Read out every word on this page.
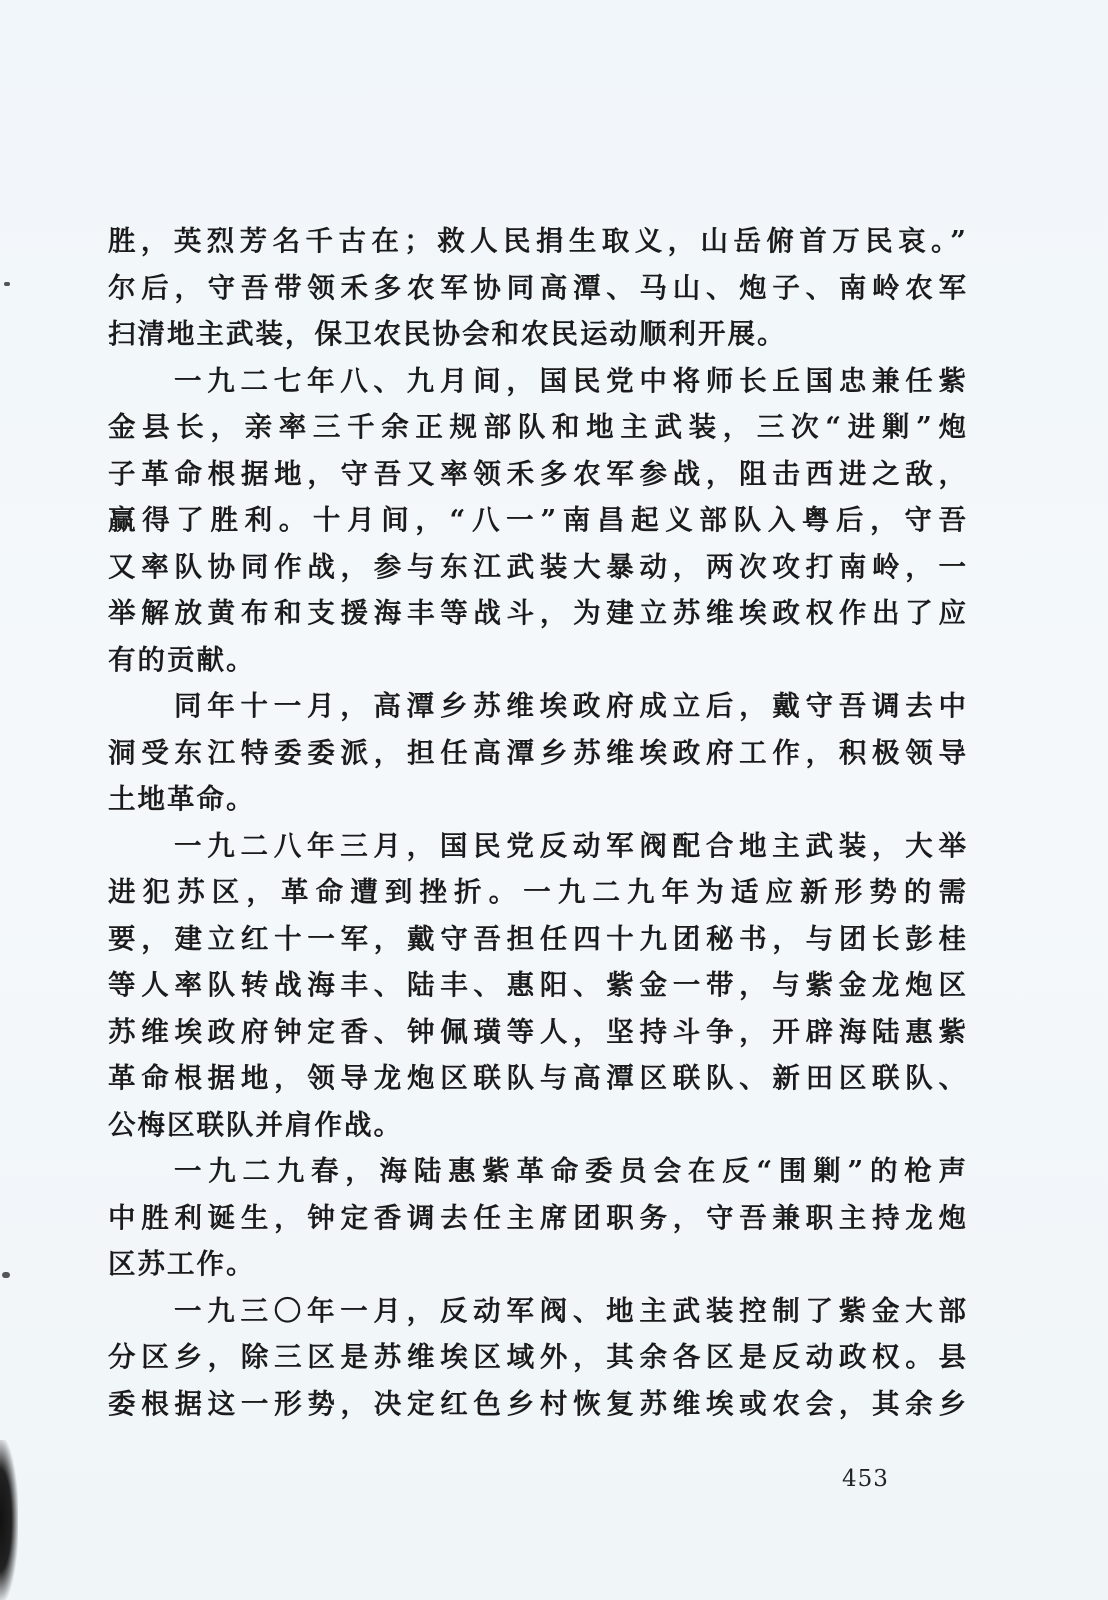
胜，英烈芳名千古在；救人民捐生取义，山岳俯首万民哀。”
尔后，守吾带领禾多农军协同高潭、马山、炮子、南岭农军
扫清地主武装，保卫农民协会和农民运动顺利开展。
一九二七年八、九月间，国民党中将师长丘国忠兼任紫
金县长，亲率三千余正规部队和地主武装，三次“进剿”炮
子革命根据地，守吾又率领禾多农军参战，阻击西进之敌，
赢得了胜利。十月间，“八一”南昌起义部队入粤后，守吾
又率队协同作战，参与东江武装大暴动，两次攻打南岭，一
举解放黄布和支援海丰等战斗，为建立苏维埃政权作出了应
有的贡献。
同年十一月，高潭乡苏维埃政府成立后，戴守吾调去中
洞受东江特委委派，担任高潭乡苏维埃政府工作，积极领导
土地革命。
一九二八年三月，国民党反动军阀配合地主武装，大举
进犯苏区，革命遭到挫折。一九二九年为适应新形势的需
要，建立红十一军，戴守吾担任四十九团秘书，与团长彭桂
等人率队转战海丰、陆丰、惠阳、紫金一带，与紫金龙炮区
苏维埃政府钟定香、钟佩璜等人，坚持斗争，开辟海陆惠紫
革命根据地，领导龙炮区联队与高潭区联队、新田区联队、
公梅区联队并肩作战。
一九二九春，海陆惠紫革命委员会在反“围剿”的枪声
中胜利诞生，钟定香调去任主席团职务，守吾兼职主持龙炮
区苏工作。
一九三〇年一月，反动军阀、地主武装控制了紫金大部
分区乡，除三区是苏维埃区域外，其余各区是反动政权。县
委根据这一形势，决定红色乡村恢复苏维埃或农会，其余乡
453
